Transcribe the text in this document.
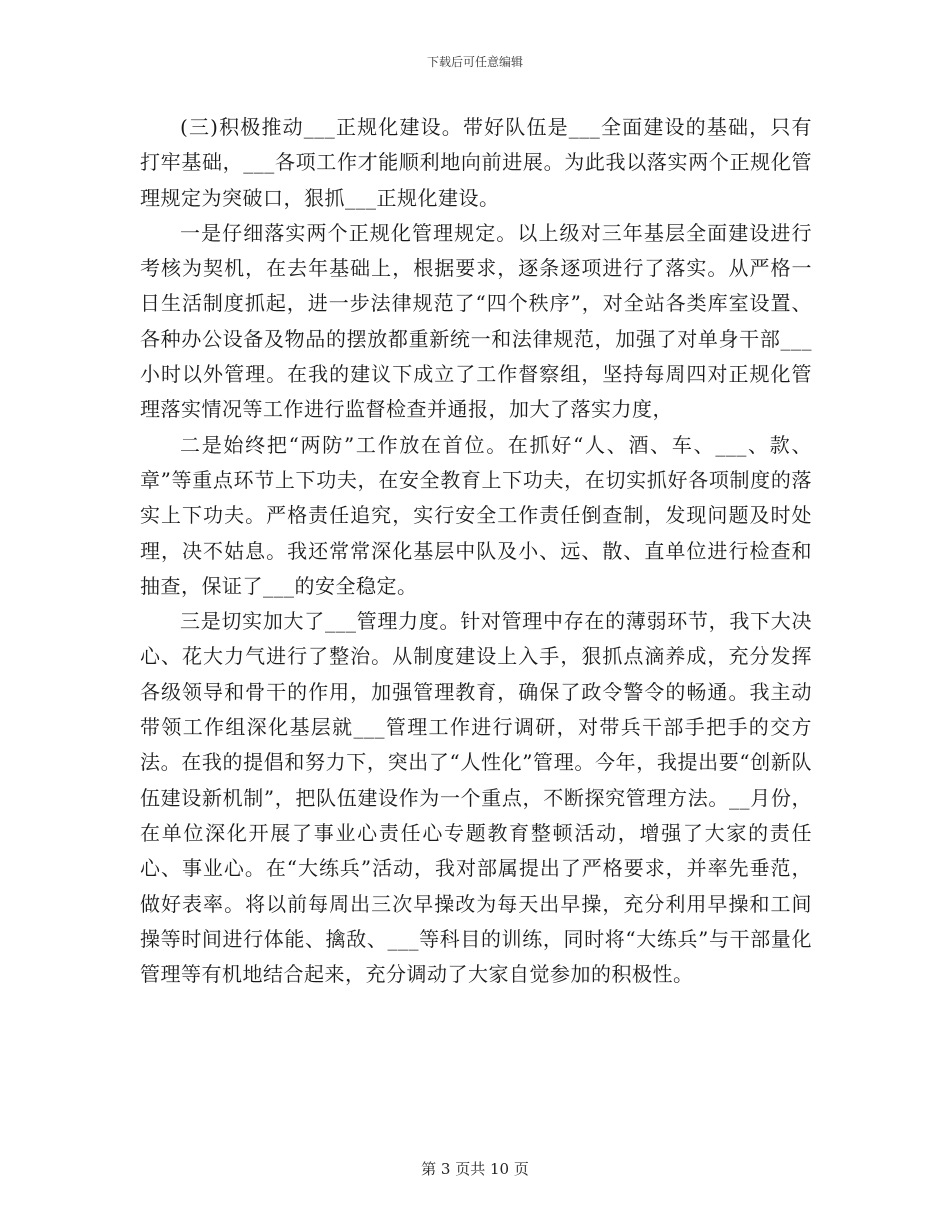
下载后可任意编辑

(三)积极推动___正规化建设。带好队伍是___全面建设的基础，只有打牢基础，___各项工作才能顺利地向前进展。为此我以落实两个正规化管理规定为突破口，狠抓___正规化建设。

一是仔细落实两个正规化管理规定。以上级对三年基层全面建设进行考核为契机，在去年基础上，根据要求，逐条逐项进行了落实。从严格一日生活制度抓起，进一步法律规范了“四个秩序”，对全站各类库室设置、各种办公设备及物品的摆放都重新统一和法律规范，加强了对单身干部___小时以外管理。在我的建议下成立了工作督察组，坚持每周四对正规化管理落实情况等工作进行监督检查并通报，加大了落实力度，

二是始终把“两防”工作放在首位。在抓好“人、酒、车、___、款、章”等重点环节上下功夫，在安全教育上下功夫，在切实抓好各项制度的落实上下功夫。严格责任追究，实行安全工作责任倒查制，发现问题及时处理，决不姑息。我还常常深化基层中队及小、远、散、直单位进行检查和抽查，保证了___的安全稳定。

三是切实加大了___管理力度。针对管理中存在的薄弱环节，我下大决心、花大力气进行了整治。从制度建设上入手，狠抓点滴养成，充分发挥各级领导和骨干的作用，加强管理教育，确保了政令警令的畅通。我主动带领工作组深化基层就___管理工作进行调研，对带兵干部手把手的交方法。在我的提倡和努力下，突出了“人性化”管理。今年，我提出要“创新队伍建设新机制”，把队伍建设作为一个重点，不断探究管理方法。__月份，在单位深化开展了事业心责任心专题教育整顿活动，增强了大家的责任心、事业心。在“大练兵”活动，我对部属提出了严格要求，并率先垂范，做好表率。将以前每周出三次早操改为每天出早操，充分利用早操和工间操等时间进行体能、擒敌、___等科目的训练，同时将“大练兵”与干部量化管理等有机地结合起来，充分调动了大家自觉参加的积极性。

第 3 页共 10 页
